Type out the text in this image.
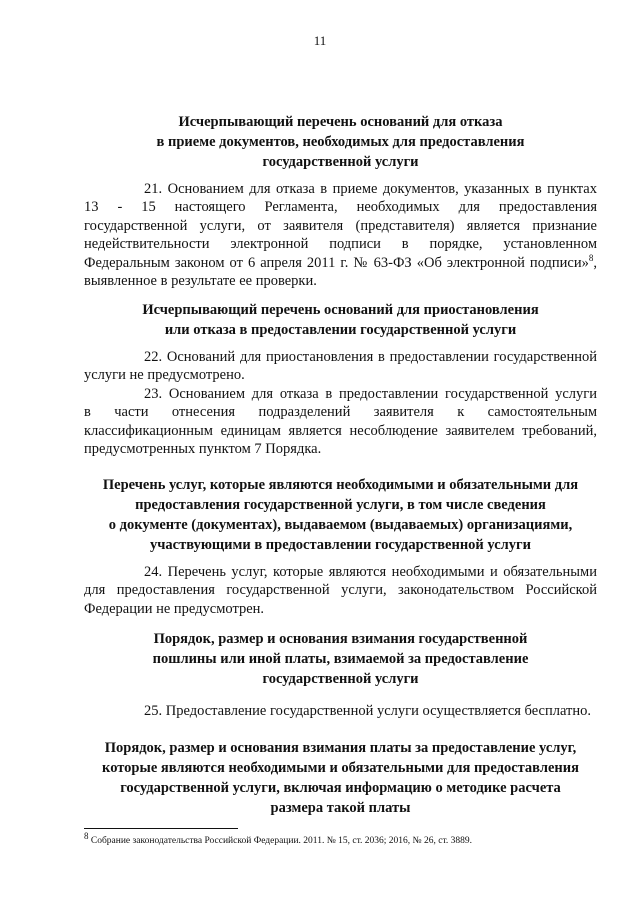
11
Исчерпывающий перечень оснований для отказа
в приеме документов, необходимых для предоставления
государственной услуги
21. Основанием для отказа в приеме документов, указанных в пунктах
13 - 15 настоящего Регламента, необходимых для предоставления
государственной услуги, от заявителя (представителя) является признание
недействительности электронной подписи в порядке, установленном
Федеральным законом от 6 апреля 2011 г. № 63-ФЗ «Об электронной подписи»$^8$,
выявленное в результате ее проверки.
Исчерпывающий перечень оснований для приостановления
или отказа в предоставлении государственной услуги
22. Оснований для приостановления в предоставлении государственной
услуги не предусмотрено.
23. Основанием для отказа в предоставлении государственной услуги
в части отнесения подразделений заявителя к самостоятельным
классификационным единицам является несоблюдение заявителем требований,
предусмотренных пунктом 7 Порядка.
Перечень услуг, которые являются необходимыми и обязательными для
предоставления государственной услуги, в том числе сведения
о документе (документах), выдаваемом (выдаваемых) организациями,
участвующими в предоставлении государственной услуги
24. Перечень услуг, которые являются необходимыми и обязательными
для предоставления государственной услуги, законодательством Российской
Федерации не предусмотрен.
Порядок, размер и основания взимания государственной
пошлины или иной платы, взимаемой за предоставление
государственной услуги
25. Предоставление государственной услуги осуществляется бесплатно.
Порядок, размер и основания взимания платы за предоставление услуг,
которые являются необходимыми и обязательными для предоставления
государственной услуги, включая информацию о методике расчета
размера такой платы
$^8$ Собрание законодательства Российской Федерации. 2011. № 15, ст. 2036; 2016, № 26, ст. 3889.
